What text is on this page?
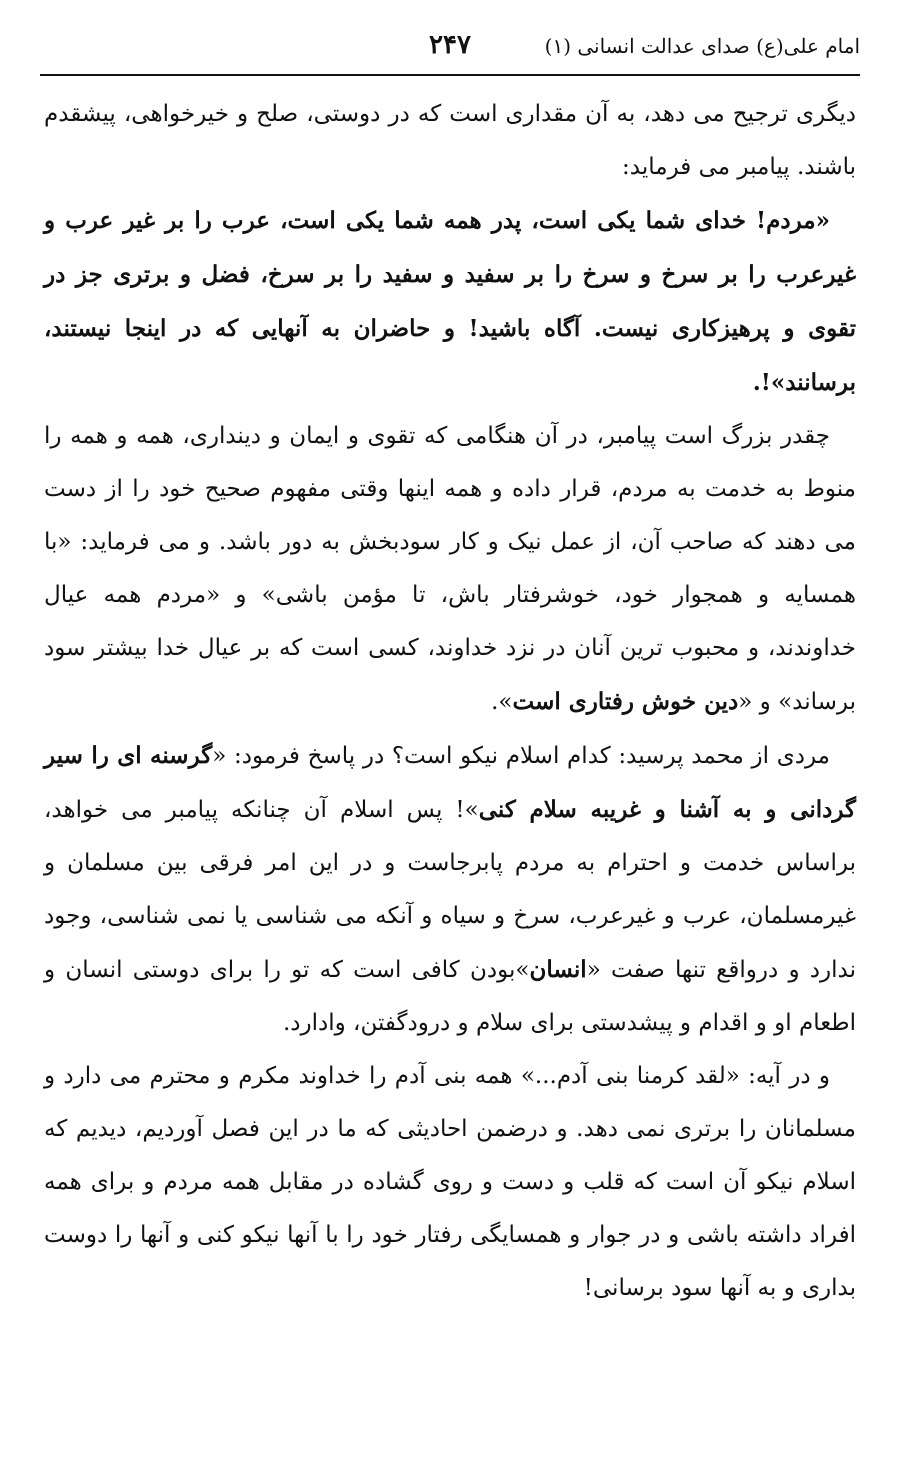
امام علی(ع) صدای عدالت انسانی (۱)
۲۴۷

دیگری ترجیح می دهد، به آن مقداری است که در دوستی، صلح و خیرخواهی، پیشقدم باشند. پیامبر می فرماید:

«مردم! خدای شما یکی است، پدر همه شما یکی است، عرب را بر غیر عرب و غیرعرب را بر سرخ و سرخ را بر سفید و سفید را بر سرخ، فضل و برتری جز در تقوی و پرهیزکاری نیست. آگاه باشید! و حاضران به آنهایی که در اینجا نیستند، برسانند»!.

چقدر بزرگ است پیامبر، در آن هنگامی که تقوی و ایمان و دینداری، همه و همه را منوط به خدمت به مردم، قرار داده و همه اینها وقتی مفهوم صحیح خود را از دست می دهند که صاحب آن، از عمل نیک و کار سودبخش به دور باشد. و می فرماید: «با همسایه و همجوار خود، خوشرفتار باش، تا مؤمن باشی» و «مردم همه عیال خداوندند، و محبوب ترین آنان در نزد خداوند، کسی است که بر عیال خدا بیشتر سود برساند» و «دین خوش رفتاری است».

مردی از محمد پرسید: کدام اسلام نیکو است؟ در پاسخ فرمود: «گرسنه ای را سیر گردانی و به آشنا و غریبه سلام کنی»! پس اسلام آن چنانکه پیامبر می خواهد، براساس خدمت و احترام به مردم پابرجاست و در این امر فرقی بین مسلمان و غیرمسلمان، عرب و غیرعرب، سرخ و سیاه و آنکه می شناسی یا نمی شناسی، وجود ندارد و درواقع تنها صفت «انسان»بودن کافی است که تو را برای دوستی انسان و اطعام او و اقدام و پیشدستی برای سلام و درودگفتن، وادارد.

و در آیه: «لقد کرمنا بنی آدم...» همه بنی آدم را خداوند مکرم و محترم می دارد و مسلمانان را برتری نمی دهد. و درضمن احادیثی که ما در این فصل آوردیم، دیدیم که اسلام نیکو آن است که قلب و دست و روی گشاده در مقابل همه مردم و برای همه افراد داشته باشی و در جوار و همسایگی رفتار خود را با آنها نیکو کنی و آنها را دوست بداری و به آنها سود برسانی!
